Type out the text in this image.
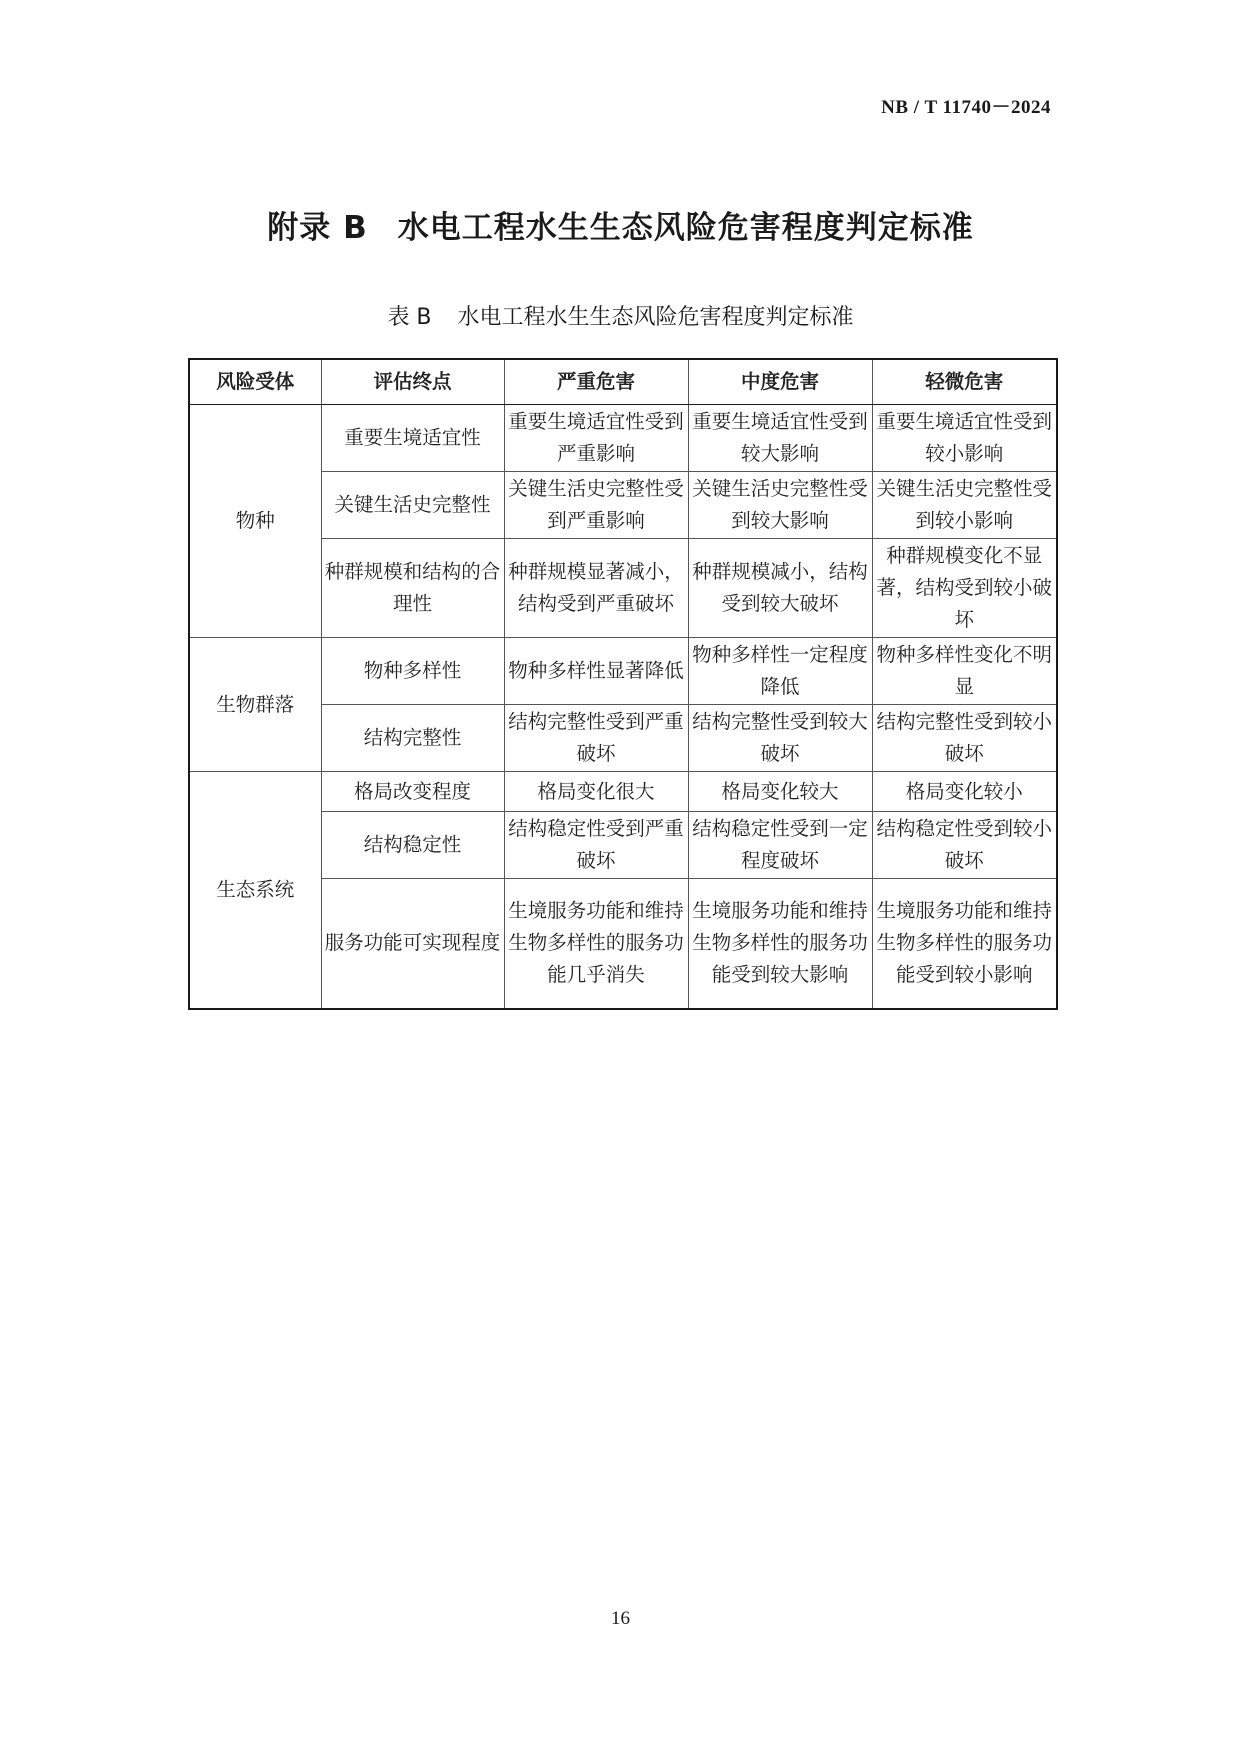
NB / T 11740－2024
附录 B 水电工程水生生态风险危害程度判定标准
表 B 水电工程水生生态风险危害程度判定标准
风险受体	评估终点	严重危害	中度危害	轻微危害
物种	重要生境适宜性	重要生境适宜性受到严重影响	重要生境适宜性受到较大影响	重要生境适宜性受到较小影响
	关键生活史完整性	关键生活史完整性受到严重影响	关键生活史完整性受到较大影响	关键生活史完整性受到较小影响
	种群规模和结构的合理性	种群规模显著减小，结构受到严重破坏	种群规模减小，结构受到较大破坏	种群规模变化不显著，结构受到较小破坏
生物群落	物种多样性	物种多样性显著降低	物种多样性一定程度降低	物种多样性变化不明显
	结构完整性	结构完整性受到严重破坏	结构完整性受到较大破坏	结构完整性受到较小破坏
生态系统	格局改变程度	格局变化很大	格局变化较大	格局变化较小
	结构稳定性	结构稳定性受到严重破坏	结构稳定性受到一定程度破坏	结构稳定性受到较小破坏
	服务功能可实现程度	生境服务功能和维持生物多样性的服务功能几乎消失	生境服务功能和维持生物多样性的服务功能受到较大影响	生境服务功能和维持生物多样性的服务功能受到较小影响
16
